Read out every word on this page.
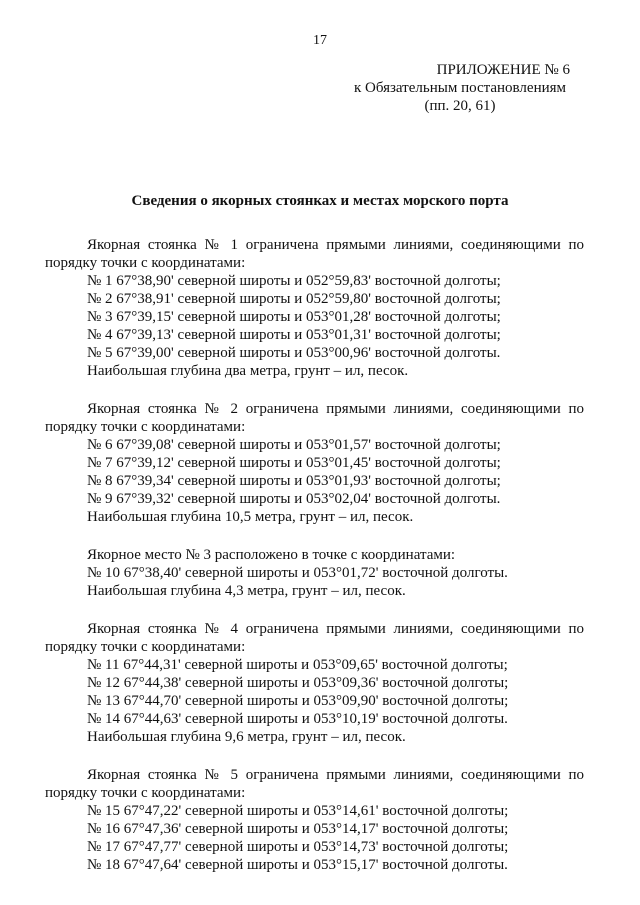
17
ПРИЛОЖЕНИЕ № 6
к Обязательным постановлениям
(пп. 20, 61)
Сведения о якорных стоянках и местах морского порта
Якорная стоянка № 1 ограничена прямыми линиями, соединяющими по
порядку точки с координатами:
№ 1 67°38,90' северной широты и 052°59,83' восточной долготы;
№ 2 67°38,91' северной широты и 052°59,80' восточной долготы;
№ 3 67°39,15' северной широты и 053°01,28' восточной долготы;
№ 4 67°39,13' северной широты и 053°01,31' восточной долготы;
№ 5 67°39,00' северной широты и 053°00,96' восточной долготы.
Наибольшая глубина два метра, грунт – ил, песок.
Якорная стоянка № 2 ограничена прямыми линиями, соединяющими по
порядку точки с координатами:
№ 6 67°39,08' северной широты и 053°01,57' восточной долготы;
№ 7 67°39,12' северной широты и 053°01,45' восточной долготы;
№ 8 67°39,34' северной широты и 053°01,93' восточной долготы;
№ 9 67°39,32' северной широты и 053°02,04' восточной долготы.
Наибольшая глубина 10,5 метра, грунт – ил, песок.
Якорное место № 3 расположено в точке с координатами:
№ 10 67°38,40' северной широты и 053°01,72' восточной долготы.
Наибольшая глубина 4,3 метра, грунт – ил, песок.
Якорная стоянка № 4 ограничена прямыми линиями, соединяющими по
порядку точки с координатами:
№ 11 67°44,31' северной широты и 053°09,65' восточной долготы;
№ 12 67°44,38' северной широты и 053°09,36' восточной долготы;
№ 13 67°44,70' северной широты и 053°09,90' восточной долготы;
№ 14 67°44,63' северной широты и 053°10,19' восточной долготы.
Наибольшая глубина 9,6 метра, грунт – ил, песок.
Якорная стоянка № 5 ограничена прямыми линиями, соединяющими по
порядку точки с координатами:
№ 15 67°47,22' северной широты и 053°14,61' восточной долготы;
№ 16 67°47,36' северной широты и 053°14,17' восточной долготы;
№ 17 67°47,77' северной широты и 053°14,73' восточной долготы;
№ 18 67°47,64' северной широты и 053°15,17' восточной долготы.
